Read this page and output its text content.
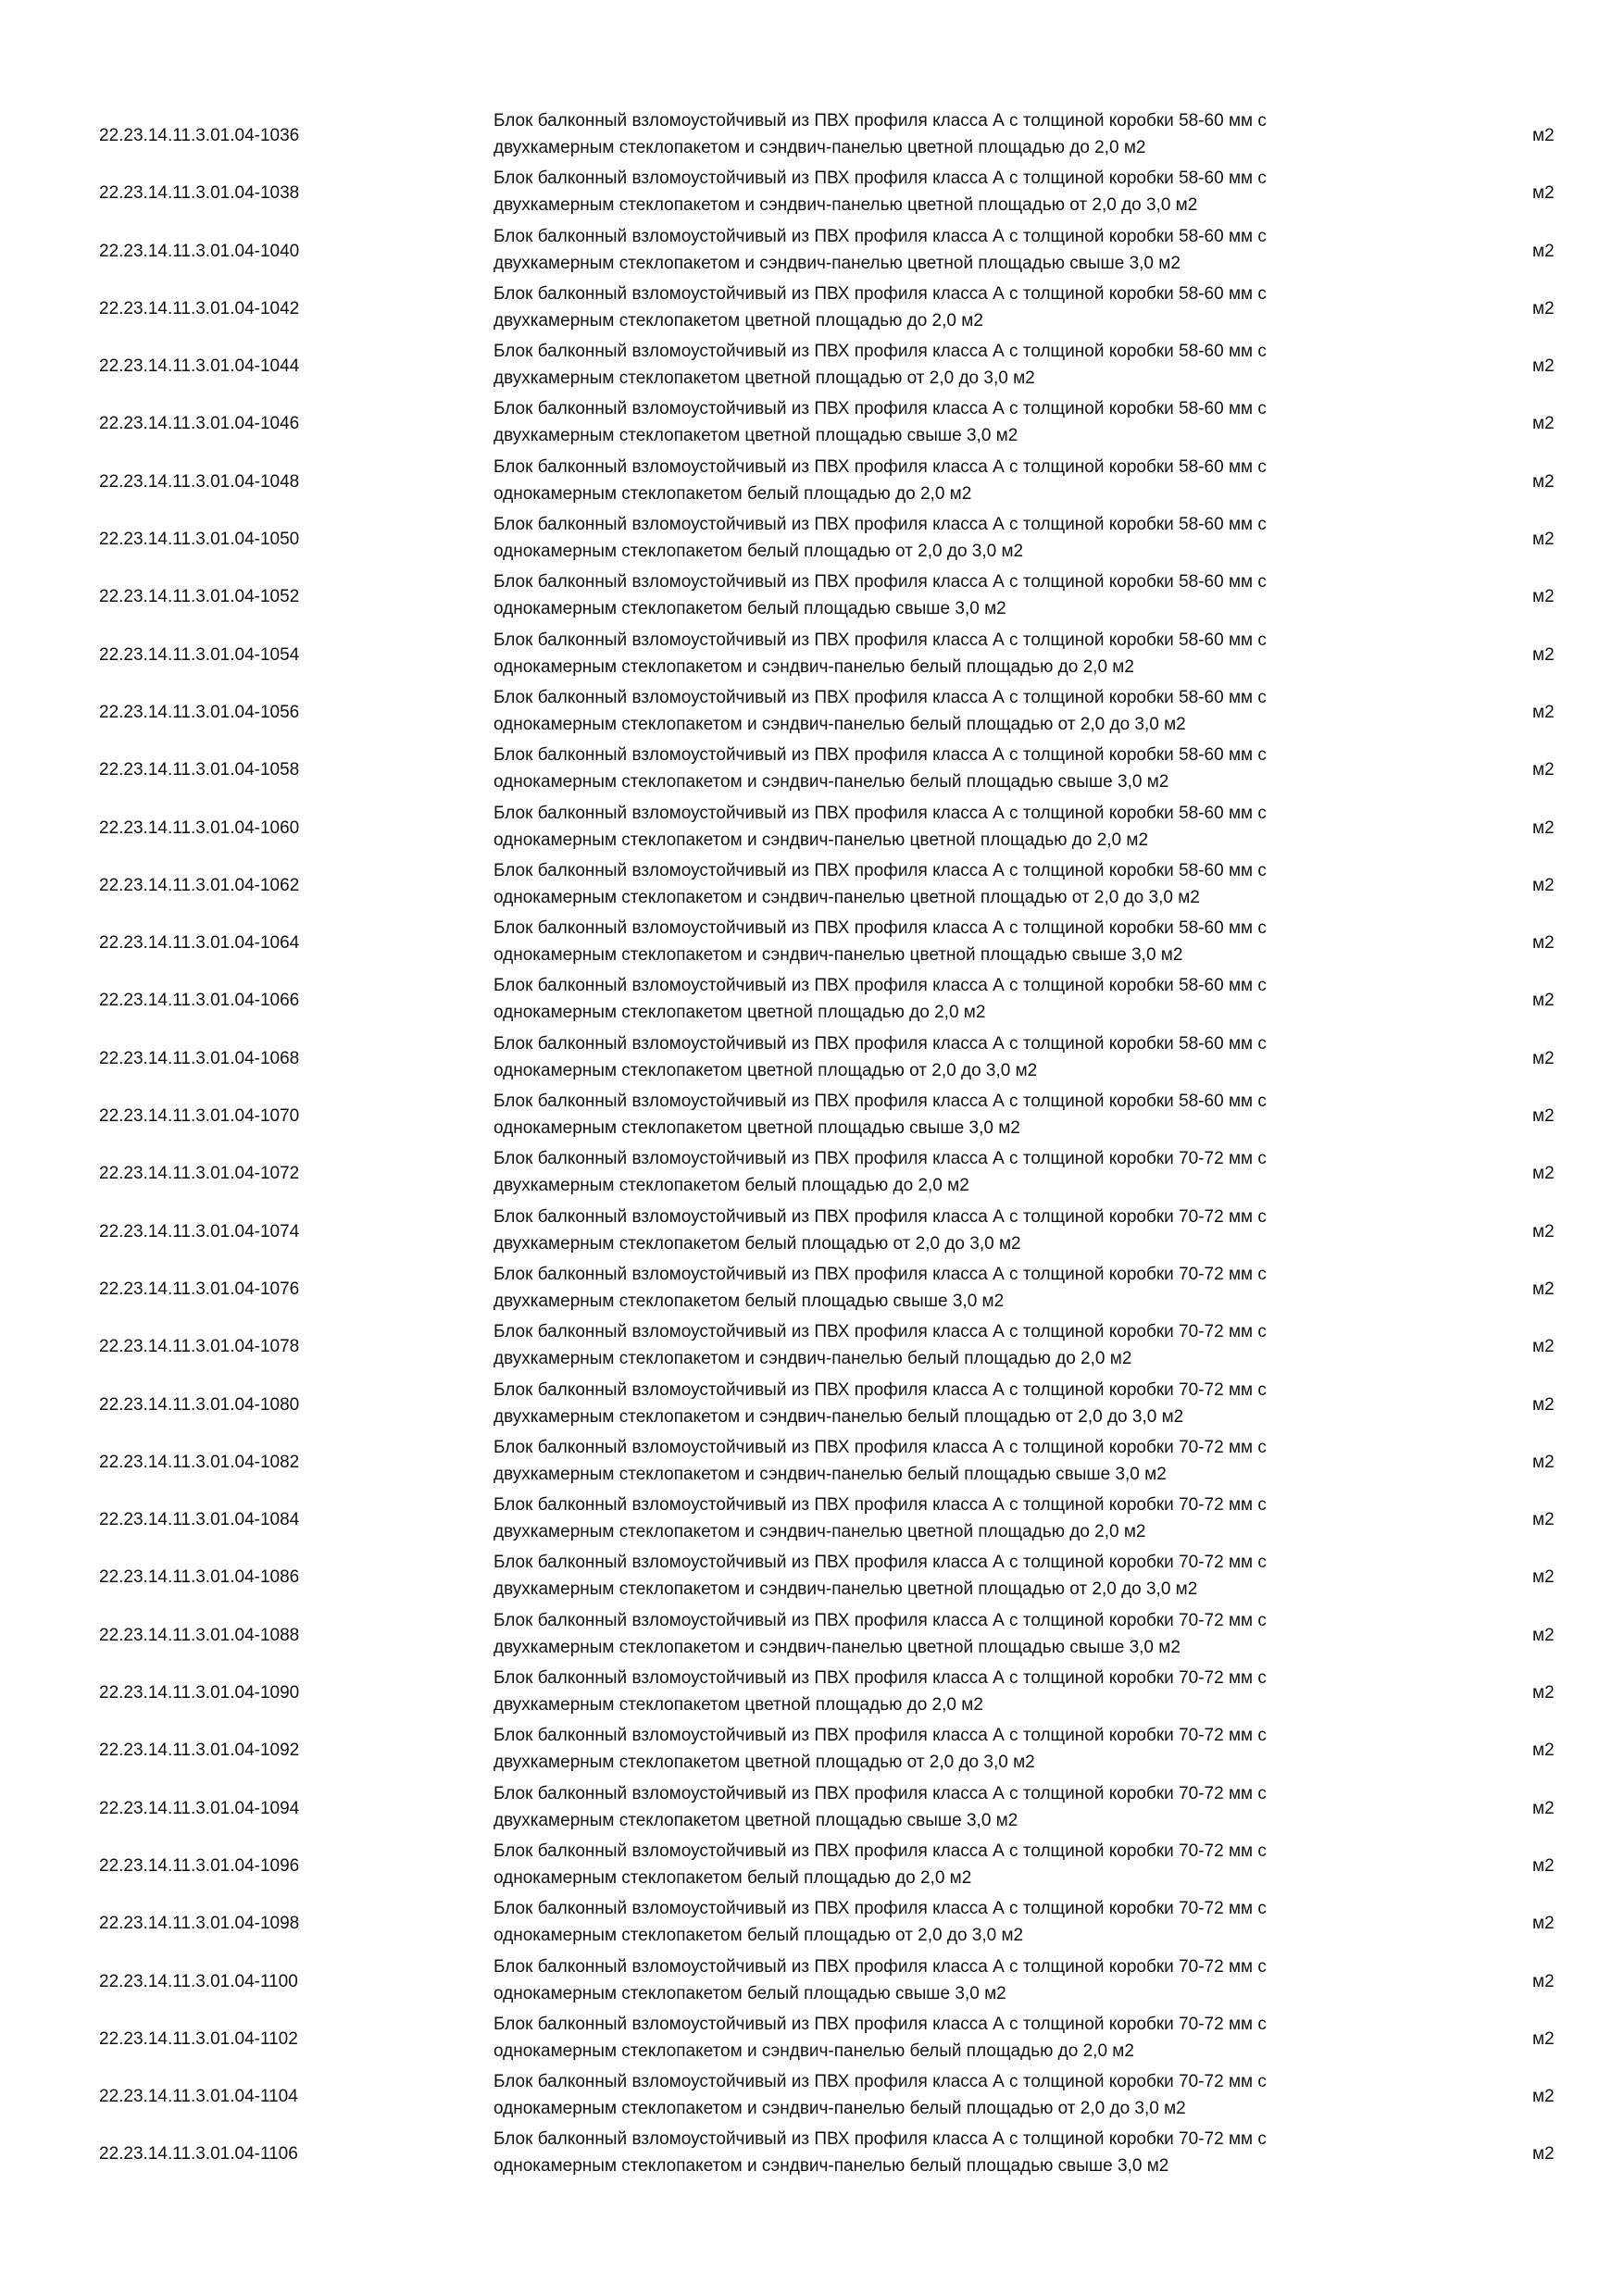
22.23.14.11.3.01.04-1036
Блок балконный взломоустойчивый из ПВХ профиля класса А с толщиной коробки 58-60 мм с
двухкамерным стеклопакетом и сэндвич-панелью цветной площадью до 2,0 м2
м2
22.23.14.11.3.01.04-1038
Блок балконный взломоустойчивый из ПВХ профиля класса А с толщиной коробки 58-60 мм с
двухкамерным стеклопакетом и сэндвич-панелью цветной площадью от 2,0 до 3,0 м2
м2
22.23.14.11.3.01.04-1040
Блок балконный взломоустойчивый из ПВХ профиля класса А с толщиной коробки 58-60 мм с
двухкамерным стеклопакетом и сэндвич-панелью цветной площадью свыше 3,0 м2
м2
22.23.14.11.3.01.04-1042
Блок балконный взломоустойчивый из ПВХ профиля класса А с толщиной коробки 58-60 мм с
двухкамерным стеклопакетом цветной площадью до 2,0 м2
м2
22.23.14.11.3.01.04-1044
Блок балконный взломоустойчивый из ПВХ профиля класса А с толщиной коробки 58-60 мм с
двухкамерным стеклопакетом цветной площадью от 2,0 до 3,0 м2
м2
22.23.14.11.3.01.04-1046
Блок балконный взломоустойчивый из ПВХ профиля класса А с толщиной коробки 58-60 мм с
двухкамерным стеклопакетом цветной площадью свыше 3,0 м2
м2
22.23.14.11.3.01.04-1048
Блок балконный взломоустойчивый из ПВХ профиля класса А с толщиной коробки 58-60 мм с
однокамерным стеклопакетом белый площадью до 2,0 м2
м2
22.23.14.11.3.01.04-1050
Блок балконный взломоустойчивый из ПВХ профиля класса А с толщиной коробки 58-60 мм с
однокамерным стеклопакетом белый площадью от 2,0 до 3,0 м2
м2
22.23.14.11.3.01.04-1052
Блок балконный взломоустойчивый из ПВХ профиля класса А с толщиной коробки 58-60 мм с
однокамерным стеклопакетом белый площадью свыше 3,0 м2
м2
22.23.14.11.3.01.04-1054
Блок балконный взломоустойчивый из ПВХ профиля класса А с толщиной коробки 58-60 мм с
однокамерным стеклопакетом и сэндвич-панелью белый площадью до 2,0 м2
м2
22.23.14.11.3.01.04-1056
Блок балконный взломоустойчивый из ПВХ профиля класса А с толщиной коробки 58-60 мм с
однокамерным стеклопакетом и сэндвич-панелью белый площадью от 2,0 до 3,0 м2
м2
22.23.14.11.3.01.04-1058
Блок балконный взломоустойчивый из ПВХ профиля класса А с толщиной коробки 58-60 мм с
однокамерным стеклопакетом и сэндвич-панелью белый площадью свыше 3,0 м2
м2
22.23.14.11.3.01.04-1060
Блок балконный взломоустойчивый из ПВХ профиля класса А с толщиной коробки 58-60 мм с
однокамерным стеклопакетом и сэндвич-панелью цветной площадью до 2,0 м2
м2
22.23.14.11.3.01.04-1062
Блок балконный взломоустойчивый из ПВХ профиля класса А с толщиной коробки 58-60 мм с
однокамерным стеклопакетом и сэндвич-панелью цветной площадью от 2,0 до 3,0 м2
м2
22.23.14.11.3.01.04-1064
Блок балконный взломоустойчивый из ПВХ профиля класса А с толщиной коробки 58-60 мм с
однокамерным стеклопакетом и сэндвич-панелью цветной площадью свыше 3,0 м2
м2
22.23.14.11.3.01.04-1066
Блок балконный взломоустойчивый из ПВХ профиля класса А с толщиной коробки 58-60 мм с
однокамерным стеклопакетом цветной площадью до 2,0 м2
м2
22.23.14.11.3.01.04-1068
Блок балконный взломоустойчивый из ПВХ профиля класса А с толщиной коробки 58-60 мм с
однокамерным стеклопакетом цветной площадью от 2,0 до 3,0 м2
м2
22.23.14.11.3.01.04-1070
Блок балконный взломоустойчивый из ПВХ профиля класса А с толщиной коробки 58-60 мм с
однокамерным стеклопакетом цветной площадью свыше 3,0 м2
м2
22.23.14.11.3.01.04-1072
Блок балконный взломоустойчивый из ПВХ профиля класса А с толщиной коробки 70-72 мм с
двухкамерным стеклопакетом белый площадью до 2,0 м2
м2
22.23.14.11.3.01.04-1074
Блок балконный взломоустойчивый из ПВХ профиля класса А с толщиной коробки 70-72 мм с
двухкамерным стеклопакетом белый площадью от 2,0 до 3,0 м2
м2
22.23.14.11.3.01.04-1076
Блок балконный взломоустойчивый из ПВХ профиля класса А с толщиной коробки 70-72 мм с
двухкамерным стеклопакетом белый площадью свыше 3,0 м2
м2
22.23.14.11.3.01.04-1078
Блок балконный взломоустойчивый из ПВХ профиля класса А с толщиной коробки 70-72 мм с
двухкамерным стеклопакетом и сэндвич-панелью белый площадью до 2,0 м2
м2
22.23.14.11.3.01.04-1080
Блок балконный взломоустойчивый из ПВХ профиля класса А с толщиной коробки 70-72 мм с
двухкамерным стеклопакетом и сэндвич-панелью белый площадью от 2,0 до 3,0 м2
м2
22.23.14.11.3.01.04-1082
Блок балконный взломоустойчивый из ПВХ профиля класса А с толщиной коробки 70-72 мм с
двухкамерным стеклопакетом и сэндвич-панелью белый площадью свыше 3,0 м2
м2
22.23.14.11.3.01.04-1084
Блок балконный взломоустойчивый из ПВХ профиля класса А с толщиной коробки 70-72 мм с
двухкамерным стеклопакетом и сэндвич-панелью цветной площадью до 2,0 м2
м2
22.23.14.11.3.01.04-1086
Блок балконный взломоустойчивый из ПВХ профиля класса А с толщиной коробки 70-72 мм с
двухкамерным стеклопакетом и сэндвич-панелью цветной площадью от 2,0 до 3,0 м2
м2
22.23.14.11.3.01.04-1088
Блок балконный взломоустойчивый из ПВХ профиля класса А с толщиной коробки 70-72 мм с
двухкамерным стеклопакетом и сэндвич-панелью цветной площадью свыше 3,0 м2
м2
22.23.14.11.3.01.04-1090
Блок балконный взломоустойчивый из ПВХ профиля класса А с толщиной коробки 70-72 мм с
двухкамерным стеклопакетом цветной площадью до 2,0 м2
м2
22.23.14.11.3.01.04-1092
Блок балконный взломоустойчивый из ПВХ профиля класса А с толщиной коробки 70-72 мм с
двухкамерным стеклопакетом цветной площадью от 2,0 до 3,0 м2
м2
22.23.14.11.3.01.04-1094
Блок балконный взломоустойчивый из ПВХ профиля класса А с толщиной коробки 70-72 мм с
двухкамерным стеклопакетом цветной площадью свыше 3,0 м2
м2
22.23.14.11.3.01.04-1096
Блок балконный взломоустойчивый из ПВХ профиля класса А с толщиной коробки 70-72 мм с
однокамерным стеклопакетом белый площадью до 2,0 м2
м2
22.23.14.11.3.01.04-1098
Блок балконный взломоустойчивый из ПВХ профиля класса А с толщиной коробки 70-72 мм с
однокамерным стеклопакетом белый площадью от 2,0 до 3,0 м2
м2
22.23.14.11.3.01.04-1100
Блок балконный взломоустойчивый из ПВХ профиля класса А с толщиной коробки 70-72 мм с
однокамерным стеклопакетом белый площадью свыше 3,0 м2
м2
22.23.14.11.3.01.04-1102
Блок балконный взломоустойчивый из ПВХ профиля класса А с толщиной коробки 70-72 мм с
однокамерным стеклопакетом и сэндвич-панелью белый площадью до 2,0 м2
м2
22.23.14.11.3.01.04-1104
Блок балконный взломоустойчивый из ПВХ профиля класса А с толщиной коробки 70-72 мм с
однокамерным стеклопакетом и сэндвич-панелью белый площадью от 2,0 до 3,0 м2
м2
22.23.14.11.3.01.04-1106
Блок балконный взломоустойчивый из ПВХ профиля класса А с толщиной коробки 70-72 мм с
однокамерным стеклопакетом и сэндвич-панелью белый площадью свыше 3,0 м2
м2
